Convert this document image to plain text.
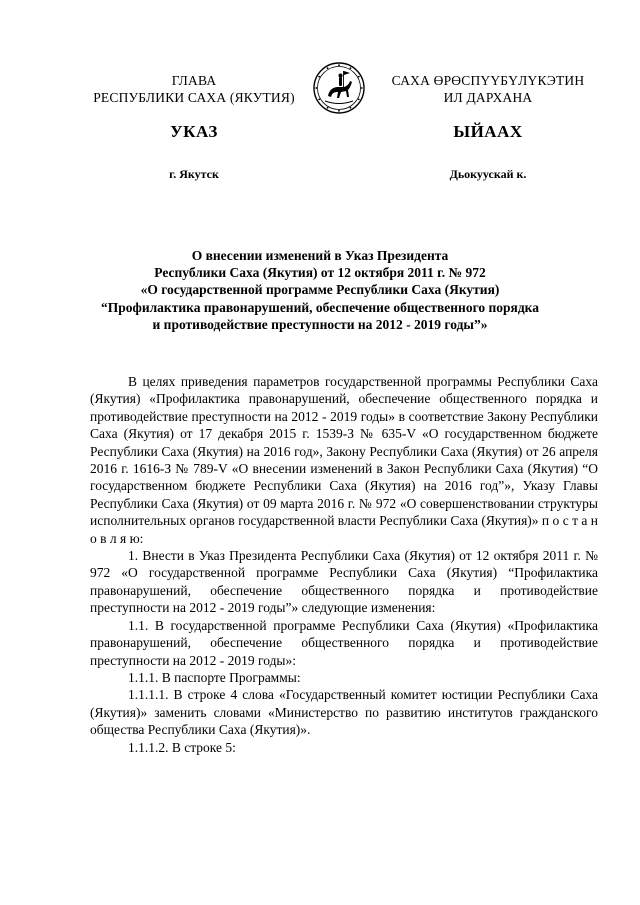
ГЛАВА
РЕСПУБЛИКИ САХА (ЯКУТИЯ)
САХА ӨРӨСПҮҮБҮЛҮКЭТИН
ИЛ ДАРХАНА
УКАЗ	ЫЙААХ
г. Якутск	Дьокуускай к.
О внесении изменений в Указ Президента
Республики Саха (Якутия) от 12 октября 2011 г. № 972
«О государственной программе Республики Саха (Якутия)
“Профилактика правонарушений, обеспечение общественного порядка
и противодействие преступности на 2012 - 2019 годы”»

В целях приведения параметров государственной программы Республики Саха (Якутия) «Профилактика правонарушений, обеспечение общественного порядка и противодействие преступности на 2012 - 2019 годы» в соответствие Закону Республики Саха (Якутия) от 17 декабря 2015 г. 1539-З № 635-V «О государственном бюджете Республики Саха (Якутия) на 2016 год», Закону Республики Саха (Якутия) от 26 апреля 2016 г. 1616-З № 789-V «О внесении изменений в Закон Республики Саха (Якутия) “О государственном бюджете Республики Саха (Якутия) на 2016 год”», Указу Главы Республики Саха (Якутия) от 09 марта 2016 г. № 972 «О совершенствовании структуры исполнительных органов государственной власти Республики Саха (Якутия)» п о с т а н о в л я ю:

1. Внести в Указ Президента Республики Саха (Якутия) от 12 октября 2011 г. № 972 «О государственной программе Республики Саха (Якутия) “Профилактика правонарушений, обеспечение общественного порядка и противодействие преступности на 2012 - 2019 годы”» следующие изменения:

1.1. В государственной программе Республики Саха (Якутия) «Профилактика правонарушений, обеспечение общественного порядка и противодействие преступности на 2012 - 2019 годы»:

1.1.1. В паспорте Программы:

1.1.1.1. В строке 4 слова «Государственный комитет юстиции Республики Саха (Якутия)» заменить словами «Министерство по развитию институтов гражданского общества Республики Саха (Якутия)».

1.1.1.2. В строке 5:
